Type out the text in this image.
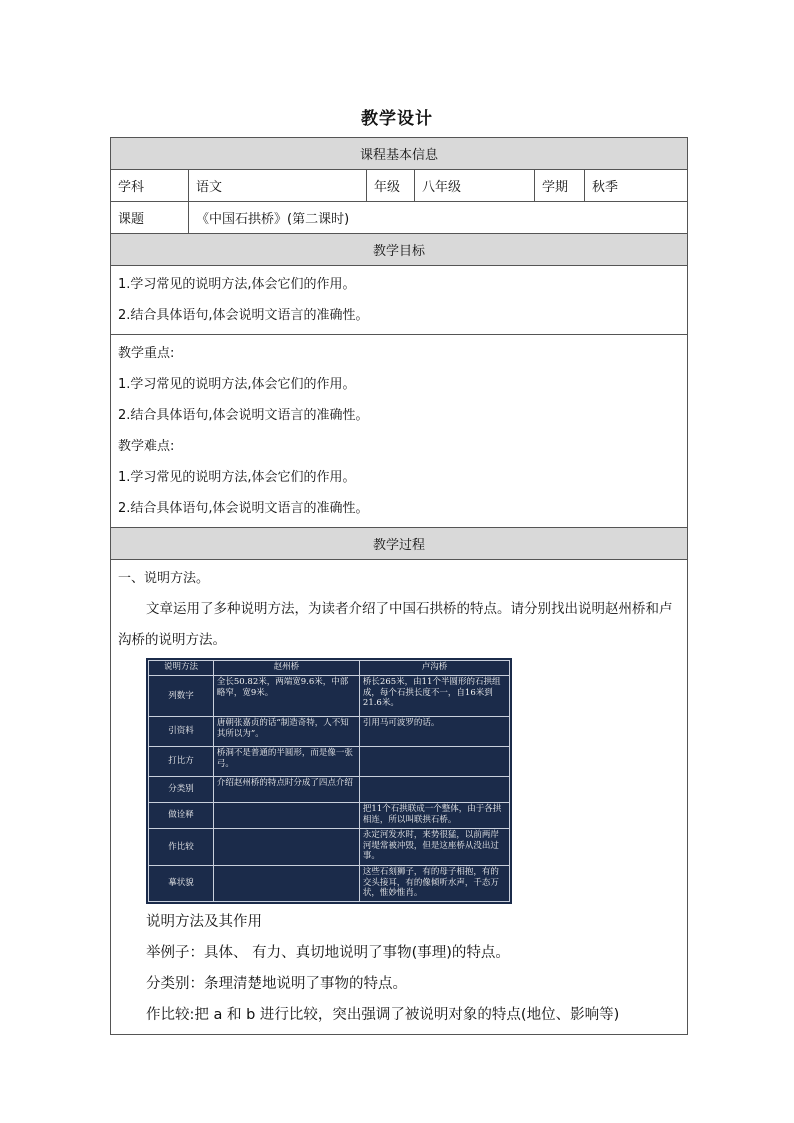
教学设计
课程基本信息
学科	语文	年级	八年级	学期	秋季
课题	《中国石拱桥》(第二课时)
教学目标

1.学习常见的说明方法,体会它们的作用。
2.结合具体语句,体会说明文语言的准确性。

教学重点:
1.学习常见的说明方法,体会它们的作用。
2.结合具体语句,体会说明文语言的准确性。
教学难点:
1.学习常见的说明方法,体会它们的作用。
2.结合具体语句,体会说明文语言的准确性。

教学过程

一、说明方法。
文章运用了多种说明方法，为读者介绍了中国石拱桥的特点。请分别找出说明赵州桥和卢沟桥的说明方法。
说明方法	赵州桥	卢沟桥
列数字	全长50.82米，两端宽9.6米，中部略窄，宽9米。	桥长265米，由11个半圆形的石拱组成，每个石拱长度不一，自16米到21.6米。
引资料	唐朝张嘉贞的话“制造奇特，人不知其所以为”。	引用马可波罗的话。
打比方	桥洞不是普通的半圆形，而是像一张弓。	
分类别	介绍赵州桥的特点时分成了四点介绍	
做诠释		把11个石拱联成一个整体，由于各拱相连，所以叫联拱石桥。
作比较		永定河发水时，来势很猛，以前两岸河堤常被冲毁，但是这座桥从没出过事。
摹状貌		这些石刻狮子，有的母子相抱，有的交头接耳，有的像倾听水声，千态万状，惟妙惟肖。
说明方法及其作用
举例子：具体、 有力、真切地说明了事物(事理)的特点。
分类别：条理清楚地说明了事物的特点。
作比较:把 a 和 b 进行比较，突出强调了被说明对象的特点(地位、影响等)
